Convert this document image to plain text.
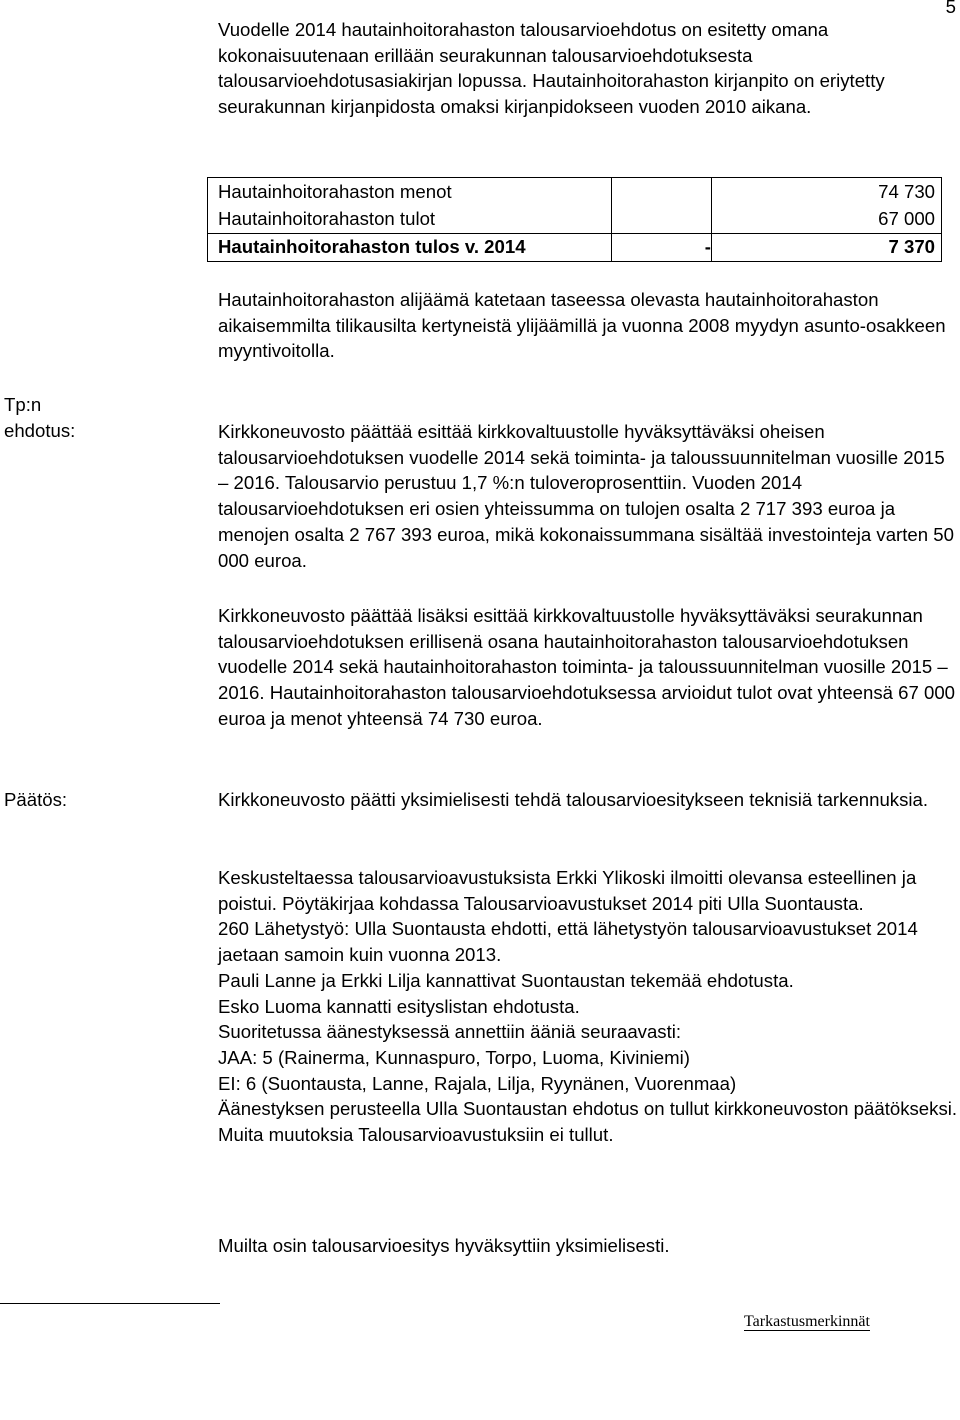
5

Vuodelle 2014 hautainhoitorahaston talousarvioehdotus on esitetty omana kokonaisuutenaan erillään seurakunnan talousarvioehdotuksesta talousarvioehdotusasiakirjan lopussa. Hautainhoitorahaston kirjanpito on eriytetty seurakunnan kirjanpidosta omaksi kirjanpidokseen vuoden 2010 aikana.

Hautainhoitorahaston menot		74 730
Hautainhoitorahaston tulot		67 000
Hautainhoitorahaston tulos v. 2014	-	7 370

Hautainhoitorahaston alijäämä katetaan taseessa olevasta hautainhoitorahaston aikaisemmilta tilikausilta kertyneistä ylijäämillä ja vuonna 2008 myydyn asunto-osakkeen myyntivoitolla.

Tp:n
ehdotus:	Kirkkoneuvosto päättää esittää kirkkovaltuustolle hyväksyttäväksi oheisen talousarvioehdotuksen vuodelle 2014 sekä toiminta- ja taloussuunnitelman vuosille 2015 – 2016. Talousarvio perustuu 1,7 %:n tuloveroprosenttiin. Vuoden 2014 talousarvioehdotuksen eri osien yhteissumma on tulojen osalta 2 717 393 euroa ja menojen osalta 2 767 393 euroa, mikä kokonaissummana sisältää investointeja varten 50 000 euroa.

Kirkkoneuvosto päättää lisäksi esittää kirkkovaltuustolle hyväksyttäväksi seurakunnan talousarvioehdotuksen erillisenä osana hautainhoitorahaston talousarvioehdotuksen vuodelle 2014 sekä hautainhoitorahaston toiminta- ja taloussuunnitelman vuosille 2015 – 2016. Hautainhoitorahaston talousarvioehdotuksessa arvioidut tulot ovat yhteensä 67 000 euroa ja menot yhteensä 74 730 euroa.

Päätös:	Kirkkoneuvosto päätti yksimielisesti tehdä talousarvioesitykseen teknisiä tarkennuksia.

Keskusteltaessa talousarvioavustuksista Erkki Ylikoski ilmoitti olevansa esteellinen ja poistui. Pöytäkirjaa kohdassa Talousarvioavustukset 2014 piti Ulla Suontausta.

260 Lähetystyö: Ulla Suontausta ehdotti, että lähetystyön talousarvioavustukset 2014 jaetaan samoin kuin vuonna 2013.

Pauli Lanne ja Erkki Lilja kannattivat Suontaustan tekemää ehdotusta.

Esko Luoma kannatti esityslistan ehdotusta.

Suoritetussa äänestyksessä annettiin ääniä seuraavasti:

JAA: 5 (Rainerma, Kunnaspuro, Torpo, Luoma, Kiviniemi)

EI: 6 (Suontausta, Lanne, Rajala, Lilja, Ryynänen, Vuorenmaa)

Äänestyksen perusteella Ulla Suontaustan ehdotus on tullut kirkkoneuvoston päätökseksi.

Muita muutoksia Talousarvioavustuksiin ei tullut.

Muilta osin talousarvioesitys hyväksyttiin yksimielisesti.

Tarkastusmerkinnät
